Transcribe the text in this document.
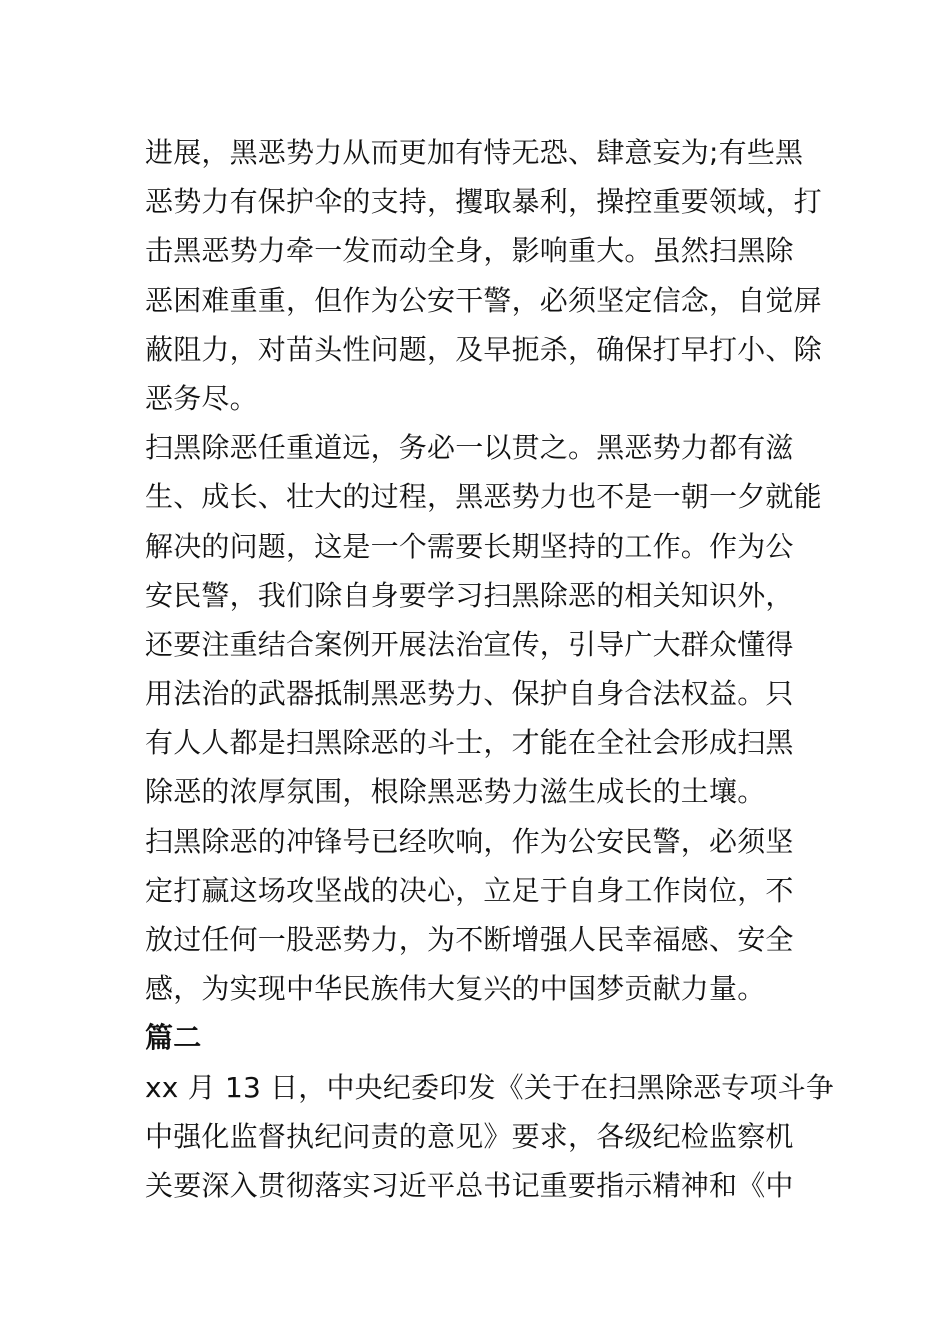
进展，黑恶势力从而更加有恃无恐、肆意妄为;有些黑
恶势力有保护伞的支持，攫取暴利，操控重要领域，打
击黑恶势力牵一发而动全身，影响重大。虽然扫黑除
恶困难重重，但作为公安干警，必须坚定信念，自觉屏
蔽阻力，对苗头性问题，及早扼杀，确保打早打小、除
恶务尽。
扫黑除恶任重道远，务必一以贯之。黑恶势力都有滋
生、成长、壮大的过程，黑恶势力也不是一朝一夕就能
解决的问题，这是一个需要长期坚持的工作。作为公
安民警，我们除自身要学习扫黑除恶的相关知识外，
还要注重结合案例开展法治宣传，引导广大群众懂得
用法治的武器抵制黑恶势力、保护自身合法权益。只
有人人都是扫黑除恶的斗士，才能在全社会形成扫黑
除恶的浓厚氛围，根除黑恶势力滋生成长的土壤。
扫黑除恶的冲锋号已经吹响，作为公安民警，必须坚
定打赢这场攻坚战的决心，立足于自身工作岗位，不
放过任何一股恶势力，为不断增强人民幸福感、安全
感，为实现中华民族伟大复兴的中国梦贡献力量。
篇二
xx 月 13 日，中央纪委印发《关于在扫黑除恶专项斗争
中强化监督执纪问责的意见》要求，各级纪检监察机
关要深入贯彻落实习近平总书记重要指示精神和《中
